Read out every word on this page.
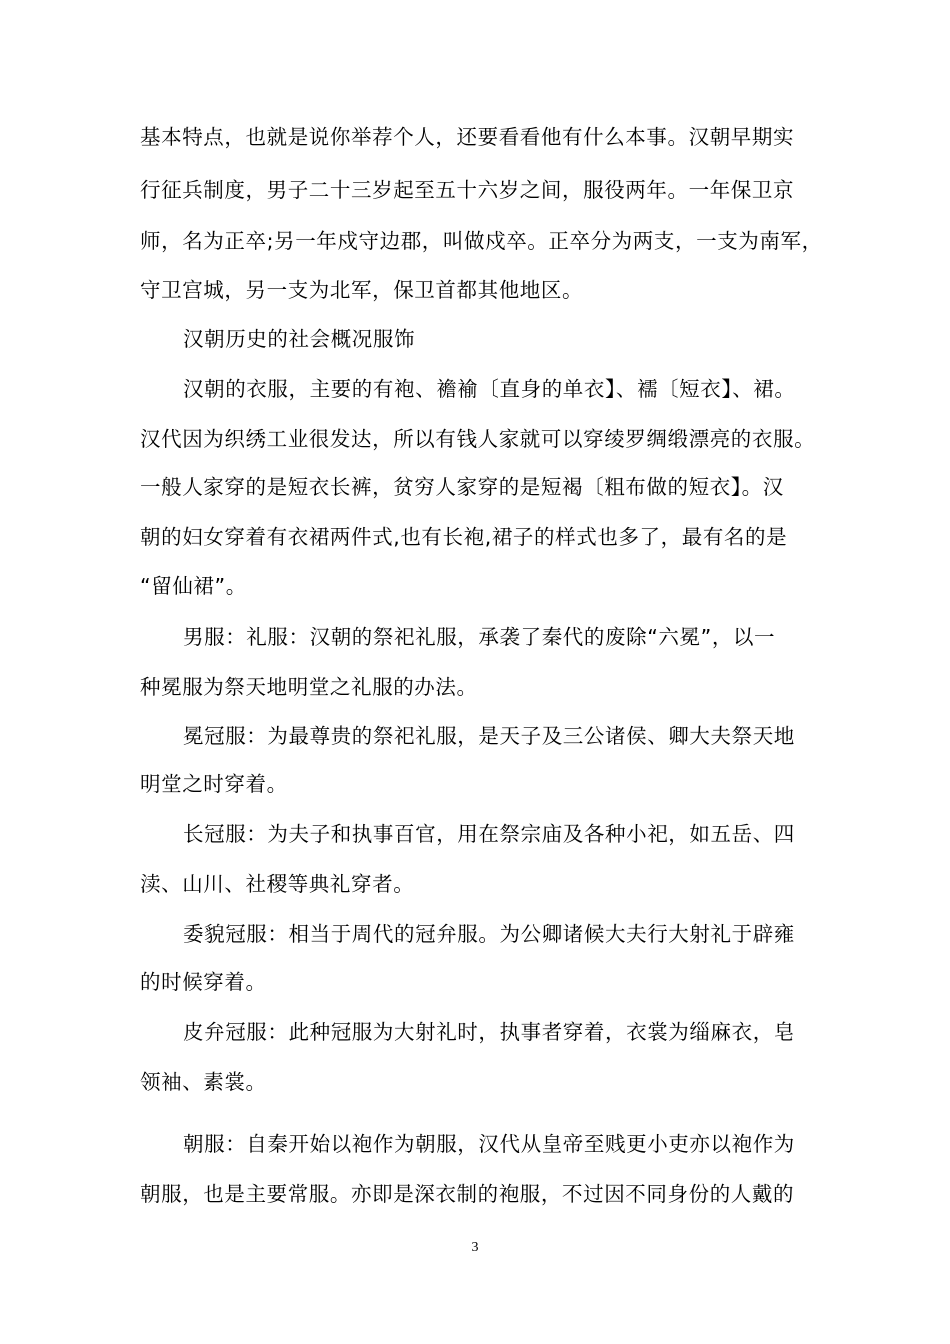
基本特点，也就是说你举荐个人，还要看看他有什么本事。汉朝早期实
行征兵制度，男子二十三岁起至五十六岁之间，服役两年。一年保卫京
师，名为正卒;另一年戍守边郡，叫做戍卒。正卒分为两支，一支为南军，
守卫宫城，另一支为北军，保卫首都其他地区。
汉朝历史的社会概况服饰
汉朝的衣服，主要的有袍、襜褕〔直身的单衣】、襦〔短衣】、裙。
汉代因为织绣工业很发达，所以有钱人家就可以穿绫罗绸缎漂亮的衣服。
一般人家穿的是短衣长裤，贫穷人家穿的是短褐〔粗布做的短衣】。汉
朝的妇女穿着有衣裙两件式,也有长袍,裙子的样式也多了，最有名的是
“留仙裙”。
男服：礼服：汉朝的祭祀礼服，承袭了秦代的废除“六冕”，以一
种冕服为祭天地明堂之礼服的办法。
冕冠服：为最尊贵的祭祀礼服，是天子及三公诸侯、卿大夫祭天地
明堂之时穿着。
长冠服：为夫子和执事百官，用在祭宗庙及各种小祀，如五岳、四
渎、山川、社稷等典礼穿者。
委貌冠服：相当于周代的冠弁服。为公卿诸候大夫行大射礼于辟雍
的时候穿着。
皮弁冠服：此种冠服为大射礼时，执事者穿着，衣裳为缁麻衣，皂
领袖、素裳。
朝服：自秦开始以袍作为朝服，汉代从皇帝至贱更小吏亦以袍作为
朝服，也是主要常服。亦即是深衣制的袍服，不过因不同身份的人戴的
3
